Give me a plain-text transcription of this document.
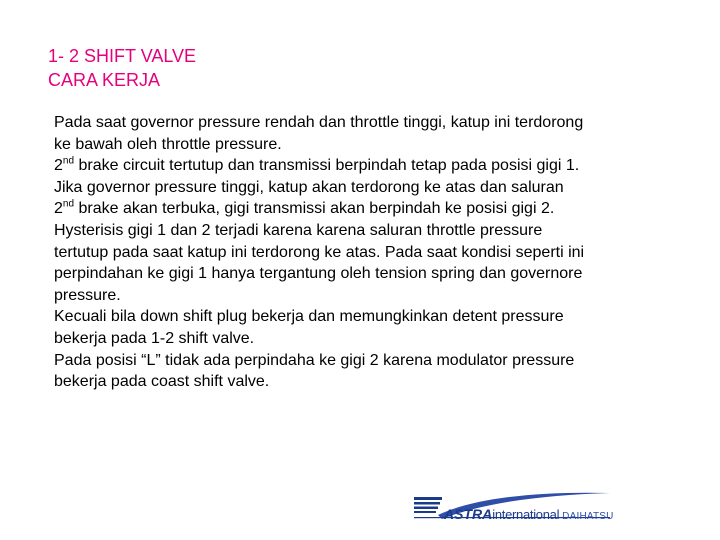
1- 2 SHIFT VALVE
CARA KERJA
Pada saat governor pressure rendah dan throttle tinggi, katup ini terdorong
ke bawah oleh throttle pressure.
2nd brake circuit tertutup dan transmissi berpindah tetap pada posisi gigi 1.
Jika governor pressure tinggi, katup akan terdorong ke atas dan saluran
2nd brake akan terbuka, gigi transmissi akan berpindah ke posisi gigi 2.
Hysterisis gigi 1 dan 2 terjadi karena karena saluran throttle pressure
tertutup pada saat katup ini terdorong ke atas. Pada saat kondisi seperti ini
perpindahan ke gigi 1 hanya tergantung oleh tension spring dan governore
pressure.
Kecuali bila down shift plug bekerja dan memungkinkan detent pressure
bekerja pada 1-2 shift valve.
Pada posisi “L” tidak ada perpindaha ke gigi 2 karena modulator pressure
bekerja pada coast shift valve.
ASTRAinternational DAIHATSU
